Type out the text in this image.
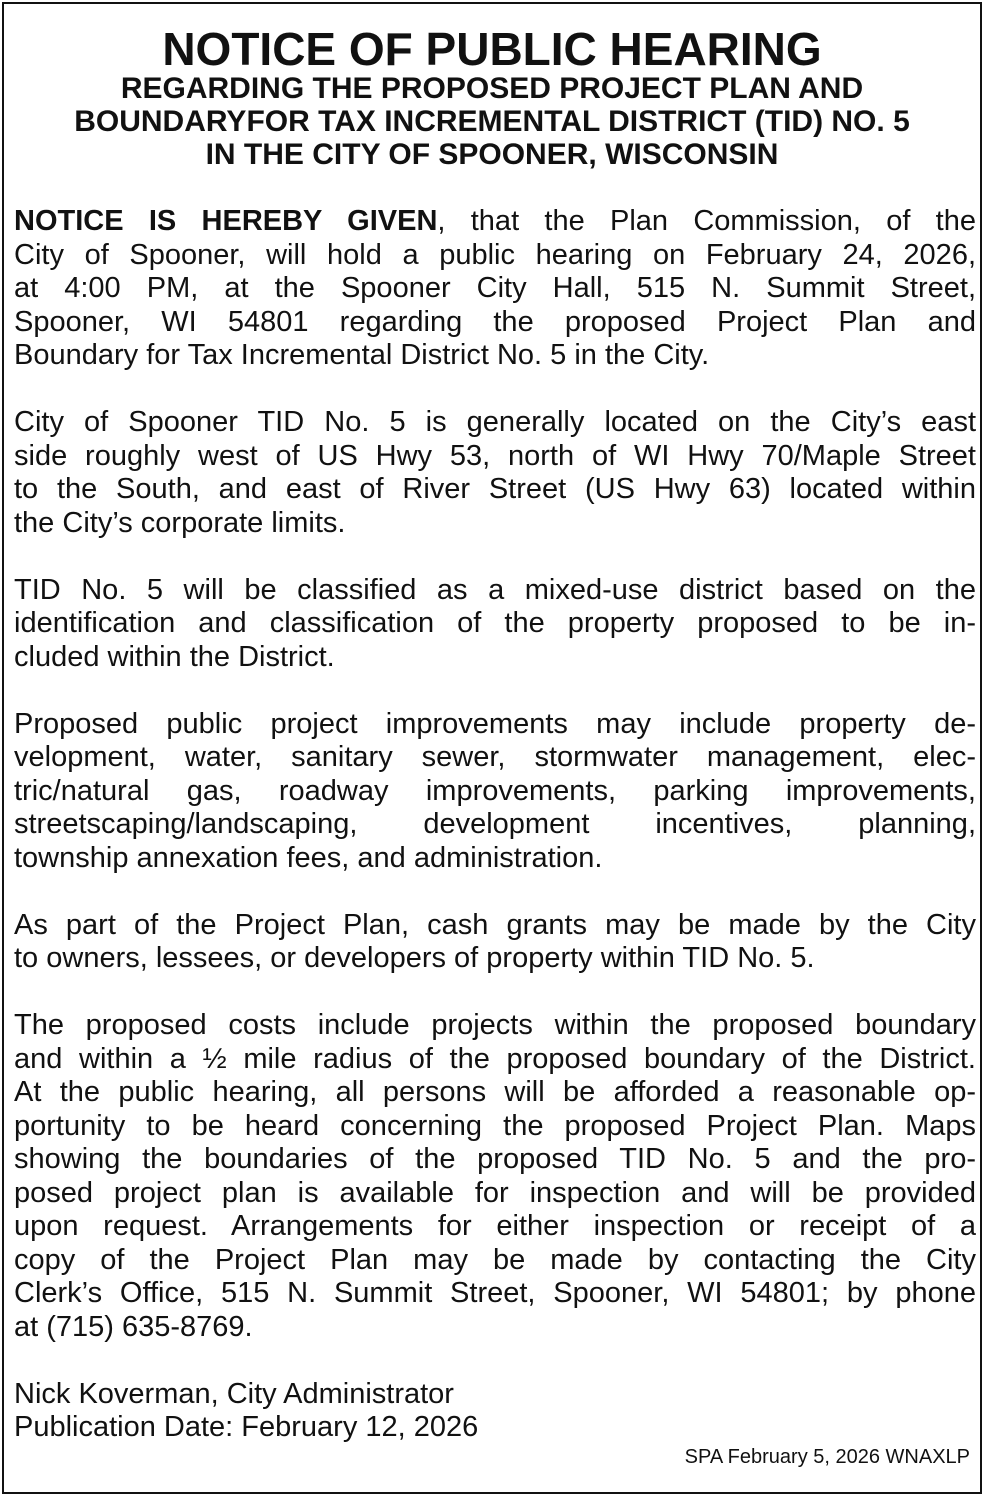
NOTICE OF PUBLIC HEARING
REGARDING THE PROPOSED PROJECT PLAN AND
BOUNDARYFOR TAX INCREMENTAL DISTRICT (TID) NO. 5
IN THE CITY OF SPOONER, WISCONSIN
NOTICE IS HEREBY GIVEN, that the Plan Commission, of the
City of Spooner, will hold a public hearing on February 24, 2026,
at 4:00 PM, at the Spooner City Hall, 515 N. Summit Street,
Spooner, WI 54801 regarding the proposed Project Plan and
Boundary for Tax Incremental District No. 5 in the City.
City of Spooner TID No. 5 is generally located on the City’s east
side roughly west of US Hwy 53, north of WI Hwy 70/Maple Street
to the South, and east of River Street (US Hwy 63) located within
the City’s corporate limits.
TID No. 5 will be classified as a mixed-use district based on the
identification and classification of the property proposed to be in-
cluded within the District.
Proposed public project improvements may include property de-
velopment, water, sanitary sewer, stormwater management, elec-
tric/natural gas, roadway improvements, parking improvements,
streetscaping/landscaping, development incentives, planning,
township annexation fees, and administration.
As part of the Project Plan, cash grants may be made by the City
to owners, lessees, or developers of property within TID No. 5.
The proposed costs include projects within the proposed boundary
and within a ½ mile radius of the proposed boundary of the District.
At the public hearing, all persons will be afforded a reasonable op-
portunity to be heard concerning the proposed Project Plan. Maps
showing the boundaries of the proposed TID No. 5 and the pro-
posed project plan is available for inspection and will be provided
upon request. Arrangements for either inspection or receipt of a
copy of the Project Plan may be made by contacting the City
Clerk’s Office, 515 N. Summit Street, Spooner, WI 54801; by phone
at (715) 635-8769.
Nick Koverman, City Administrator
Publication Date: February 12, 2026
SPA February 5, 2026 WNAXLP
